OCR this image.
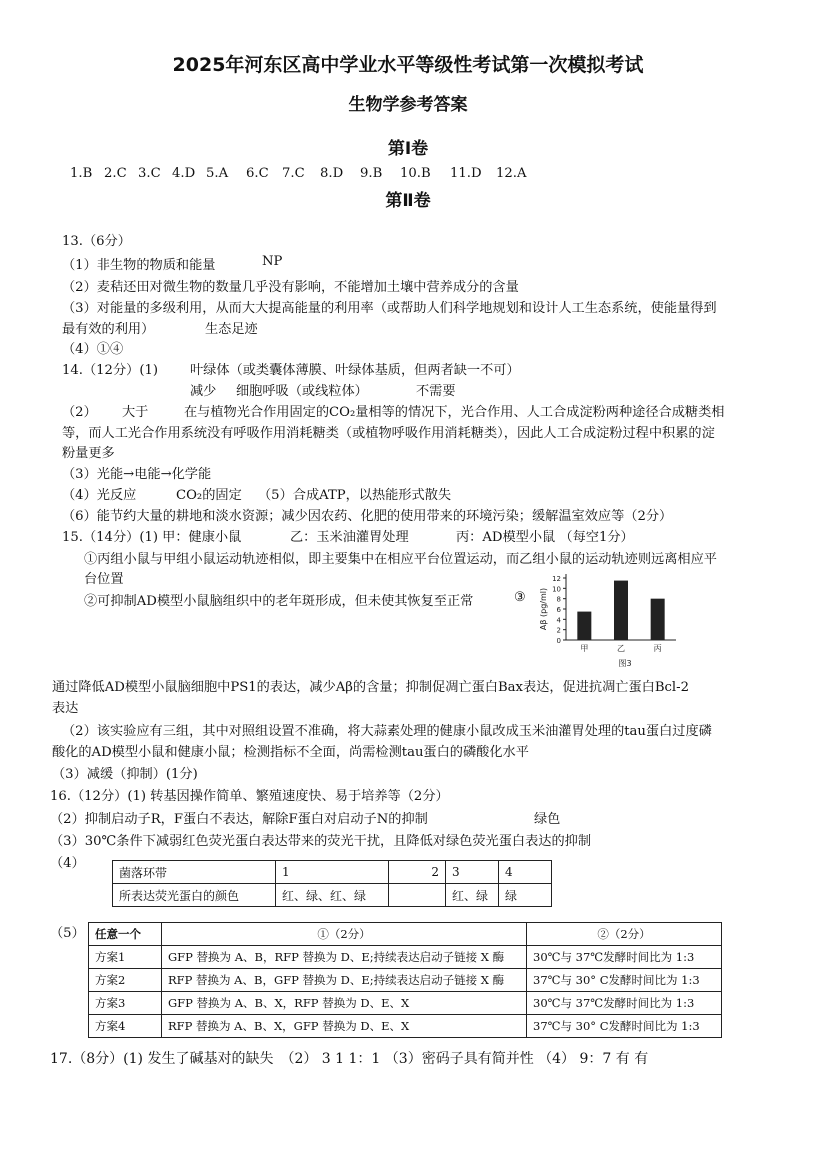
2025年河东区高中学业水平等级性考试第一次模拟考试
生物学参考答案
第Ⅰ卷
1.B 2.C 3.C 4.D 5.A 6.C 7.C 8.D 9.B 10.B 11.D 12.A
第Ⅱ卷
13.（6分）
（1）非生物的物质和能量	NP
（2）麦秸还田对微生物的数量几乎没有影响，不能增加土壤中营养成分的含量
（3）对能量的多级利用，从而大大提高能量的利用率（或帮助人们科学地规划和设计人工生态系统，使能量得到
最有效的利用）	生态足迹
（4）①④
14.（12分）(1) 叶绿体（或类囊体薄膜、叶绿体基质，但两者缺一不可）
减少 细胞呼吸（或线粒体）	不需要
（2） 大于	在与植物光合作用固定的CO₂量相等的情况下，光合作用、人工合成淀粉两种途径合成糖类相
等，而人工光合作用系统没有呼吸作用消耗糖类（或植物呼吸作用消耗糖类），因此人工合成淀粉过程中积累的淀
粉量更多
（3）光能→电能→化学能
（4）光反应	CO₂的固定 （5）合成ATP，以热能形式散失
（6）能节约大量的耕地和淡水资源；减少因农药、化肥的使用带来的环境污染；缓解温室效应等（2分）
15.（14分）(1) 甲：健康小鼠	乙：玉米油灌胃处理	丙：AD模型小鼠 （每空1分）
①丙组小鼠与甲组小鼠运动轨迹相似，即主要集中在相应平台位置运动，而乙组小鼠的运动轨迹则远离相应平
台位置
②可抑制AD模型小鼠脑组织中的老年斑形成，但未使其恢复至正常	③
0
2
4
6
8
10
12
Aβ (pg/ml)
甲	乙	丙
图3
通过降低AD模型小鼠脑细胞中PS1的表达，减少Aβ的含量；抑制促凋亡蛋白Bax表达，促进抗凋亡蛋白Bcl-2
表达
（2）该实验应有三组，其中对照组设置不准确，将大蒜素处理的健康小鼠改成玉米油灌胃处理的tau蛋白过度磷
酸化的AD模型小鼠和健康小鼠；检测指标不全面，尚需检测tau蛋白的磷酸化水平
（3）减缓（抑制）(1分)
16.（12分）(1) 转基因操作简单、繁殖速度快、易于培养等（2分）
（2）抑制启动子R，F蛋白不表达，解除F蛋白对启动子N的抑制	绿色
（3）30℃条件下减弱红色荧光蛋白表达带来的荧光干扰，且降低对绿色荧光蛋白表达的抑制
（4）
菌落环带	1	2	3	4
所表达荧光蛋白的颜色	红、绿、红、绿		红、绿	绿
（5） 任意一个	①（2分）	②（2分）
方案1	GFP 替换为 A、B，RFP 替换为 D、E;持续表达启动子链接 X 酶	30℃与 37℃发酵时间比为 1:3
方案2	RFP 替换为 A、B，GFP 替换为 D、E;持续表达启动子链接 X 酶	37℃与 30° C发酵时间比为 1:3
方案3	GFP 替换为 A、B、X，RFP 替换为 D、E、X	30℃与 37℃发酵时间比为 1:3
方案4	RFP 替换为 A、B、X，GFP 替换为 D、E、X	37℃与 30° C发酵时间比为 1:3
17.（8分）(1) 发生了碱基对的缺失　（2） 3 1 1：1 （3）密码子具有简并性 （4） 9：7 有 有
